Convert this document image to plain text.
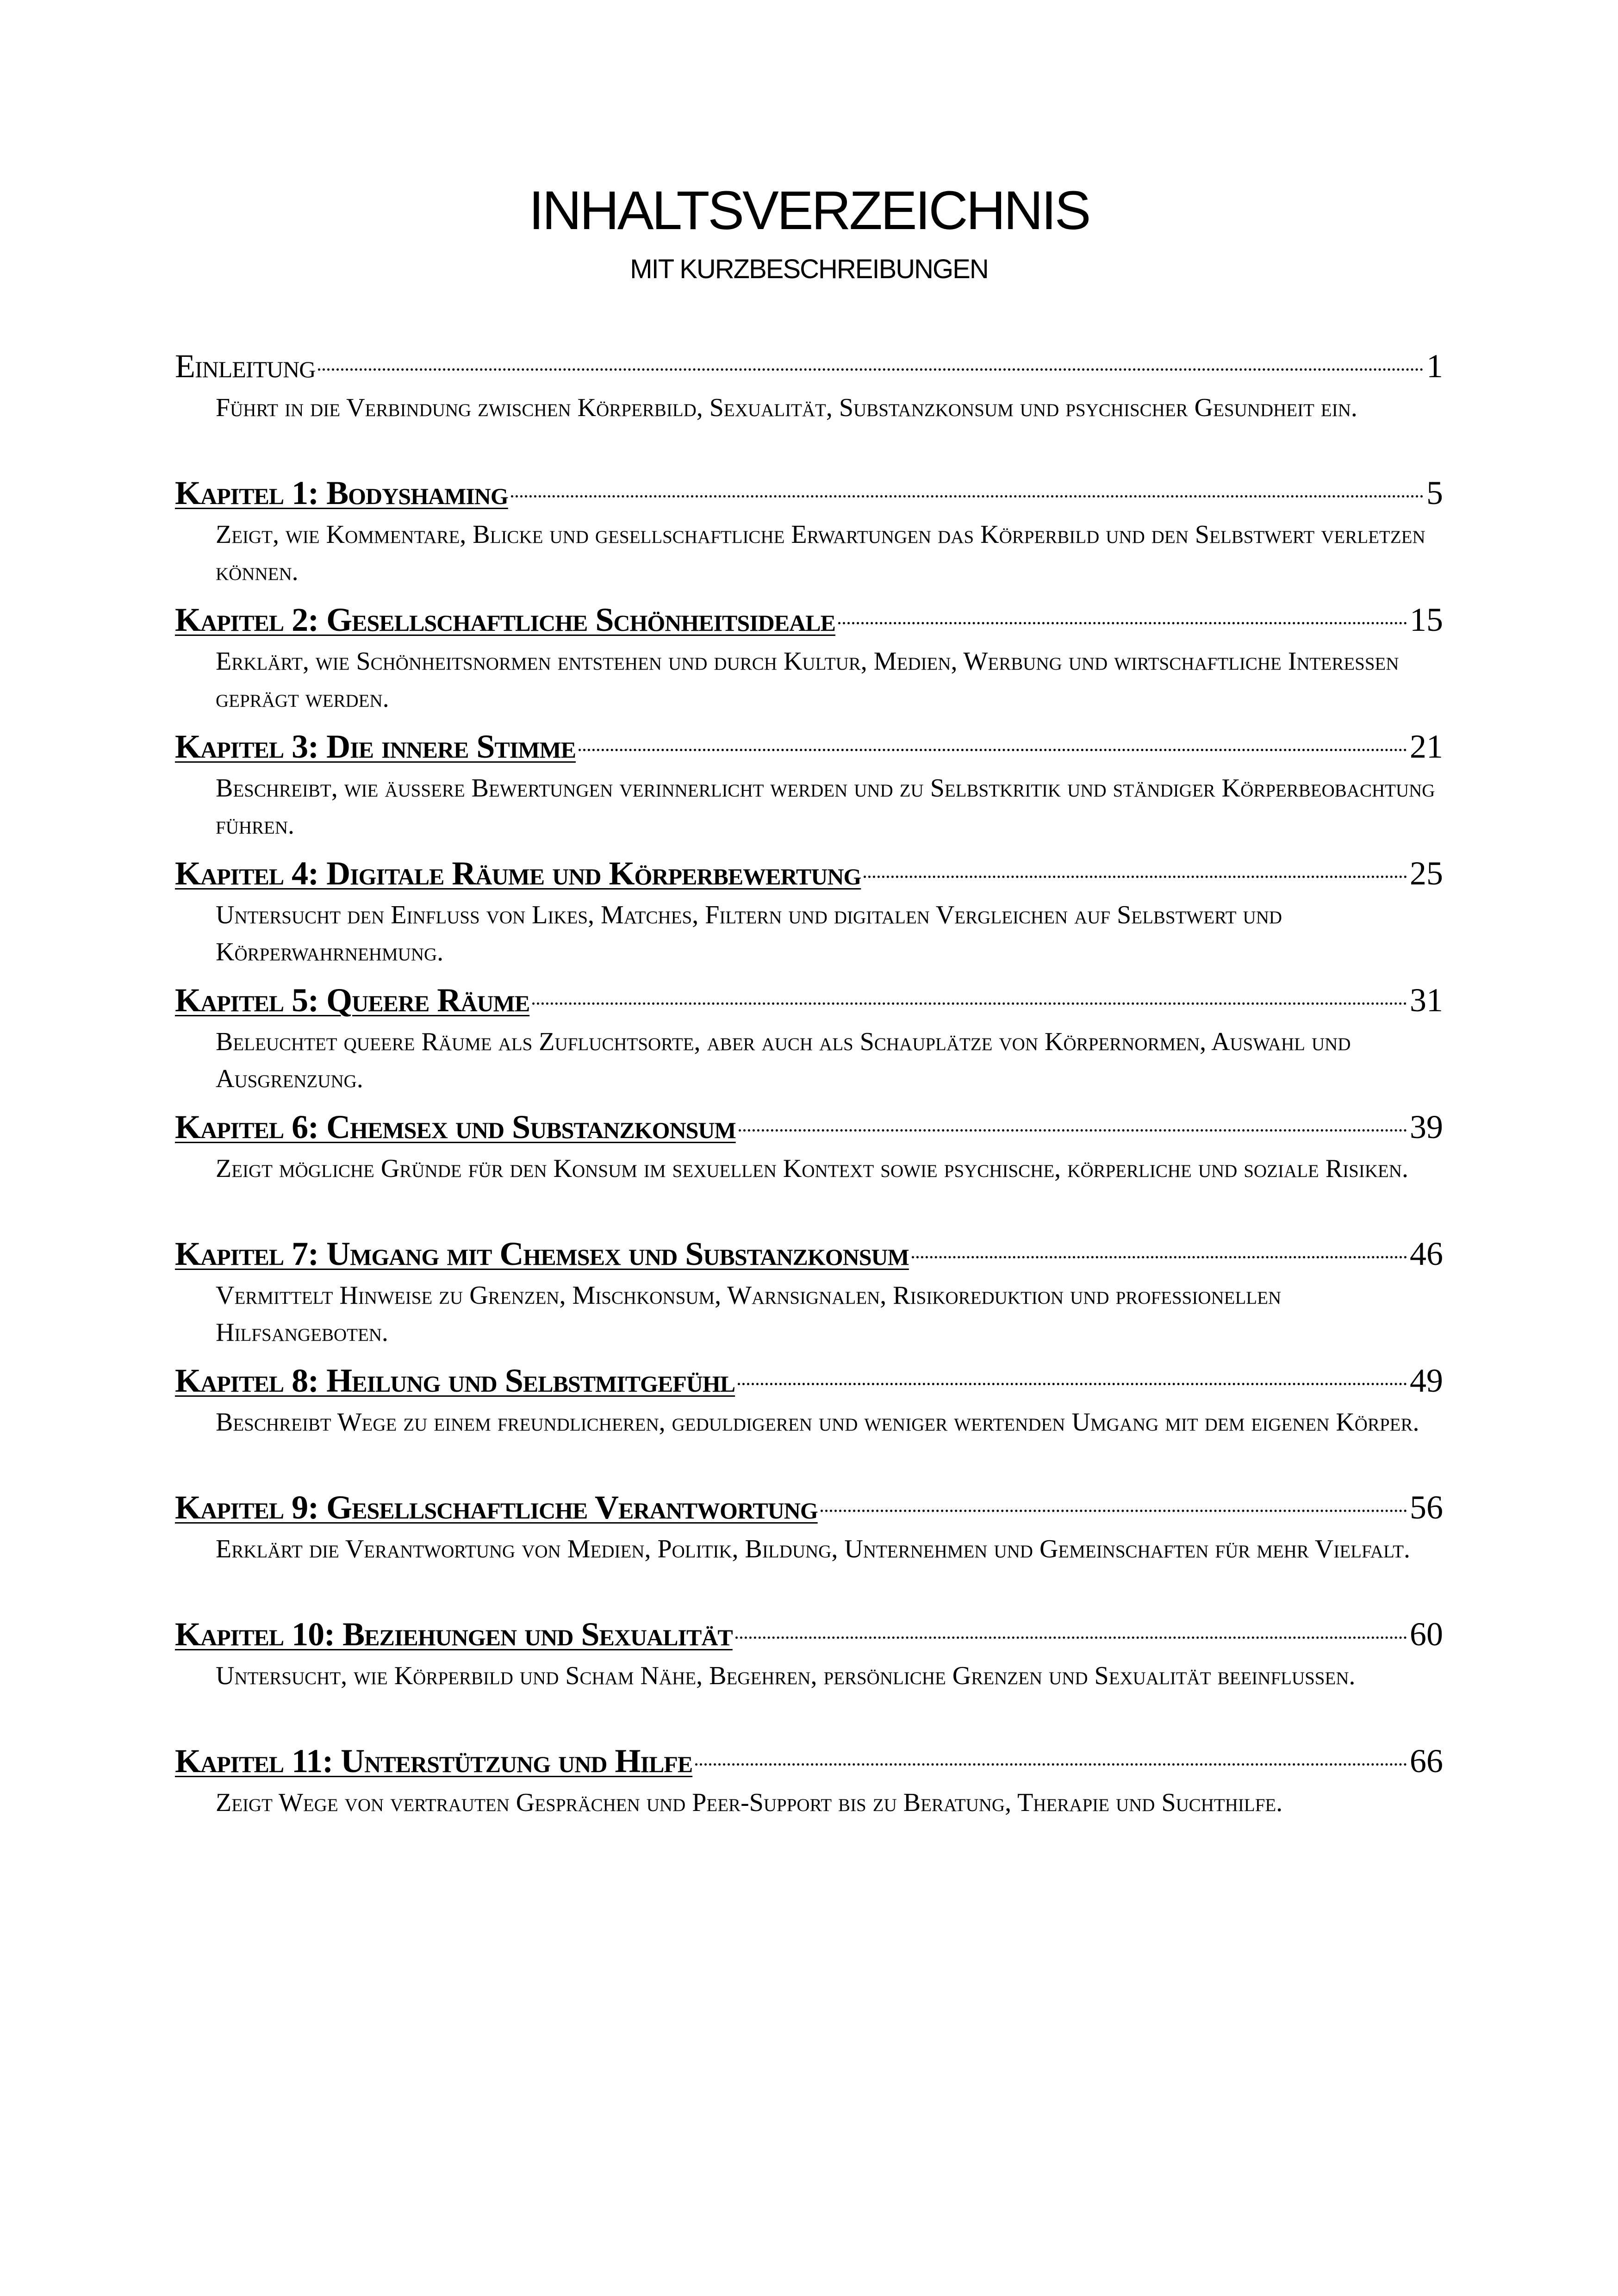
INHALTSVERZEICHNIS
MIT KURZBESCHREIBUNGEN
Einleitung	1
Führt in die Verbindung zwischen Körperbild, Sexualität, Substanzkonsum und psychischer Gesundheit ein.
Kapitel 1: Bodyshaming	5
Zeigt, wie Kommentare, Blicke und gesellschaftliche Erwartungen das Körperbild und den Selbstwert verletzen können.
Kapitel 2: Gesellschaftliche Schönheitsideale	15
Erklärt, wie Schönheitsnormen entstehen und durch Kultur, Medien, Werbung und wirtschaftliche Interessen geprägt werden.
Kapitel 3: Die innere Stimme	21
Beschreibt, wie äussere Bewertungen verinnerlicht werden und zu Selbstkritik und ständiger Körperbeobachtung führen.
Kapitel 4: Digitale Räume und Körperbewertung	25
Untersucht den Einfluss von Likes, Matches, Filtern und digitalen Vergleichen auf Selbstwert und Körperwahrnehmung.
Kapitel 5: Queere Räume	31
Beleuchtet queere Räume als Zufluchtsorte, aber auch als Schauplätze von Körpernormen, Auswahl und Ausgrenzung.
Kapitel 6: Chemsex und Substanzkonsum	39
Zeigt mögliche Gründe für den Konsum im sexuellen Kontext sowie psychische, körperliche und soziale Risiken.
Kapitel 7: Umgang mit Chemsex und Substanzkonsum	46
Vermittelt Hinweise zu Grenzen, Mischkonsum, Warnsignalen, Risikoreduktion und professionellen Hilfsangeboten.
Kapitel 8: Heilung und Selbstmitgefühl	49
Beschreibt Wege zu einem freundlicheren, geduldigeren und weniger wertenden Umgang mit dem eigenen Körper.
Kapitel 9: Gesellschaftliche Verantwortung	56
Erklärt die Verantwortung von Medien, Politik, Bildung, Unternehmen und Gemeinschaften für mehr Vielfalt.
Kapitel 10: Beziehungen und Sexualität	60
Untersucht, wie Körperbild und Scham Nähe, Begehren, persönliche Grenzen und Sexualität beeinflussen.
Kapitel 11: Unterstützung und Hilfe	66
Zeigt Wege von vertrauten Gesprächen und Peer-Support bis zu Beratung, Therapie und Suchthilfe.
